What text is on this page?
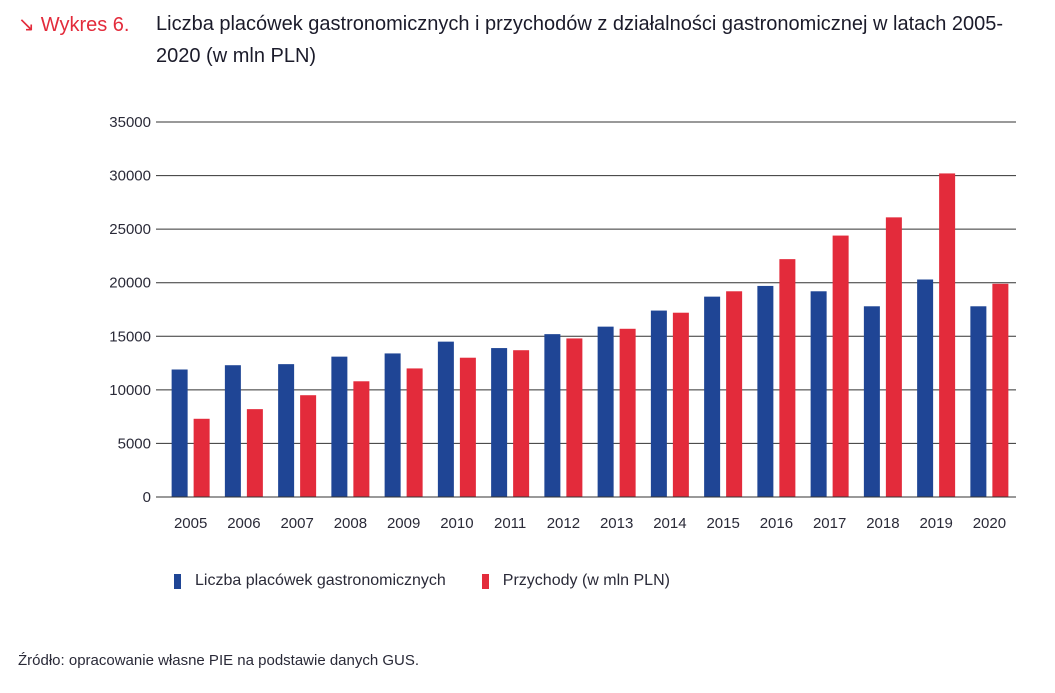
↘ Wykres 6. Liczba placówek gastronomicznych i przychodów z działalności gastronomicznej w latach 2005-2020 (w mln PLN)
0
5000
10000
15000
20000
25000
30000
35000
2005 2006 2007 2008 2009 2010 2011 2012 2013 2014 2015 2016 2017 2018 2019 2020
Liczba placówek gastronomicznych	Przychody (w mln PLN)
Źródło: opracowanie własne PIE na podstawie danych GUS.
